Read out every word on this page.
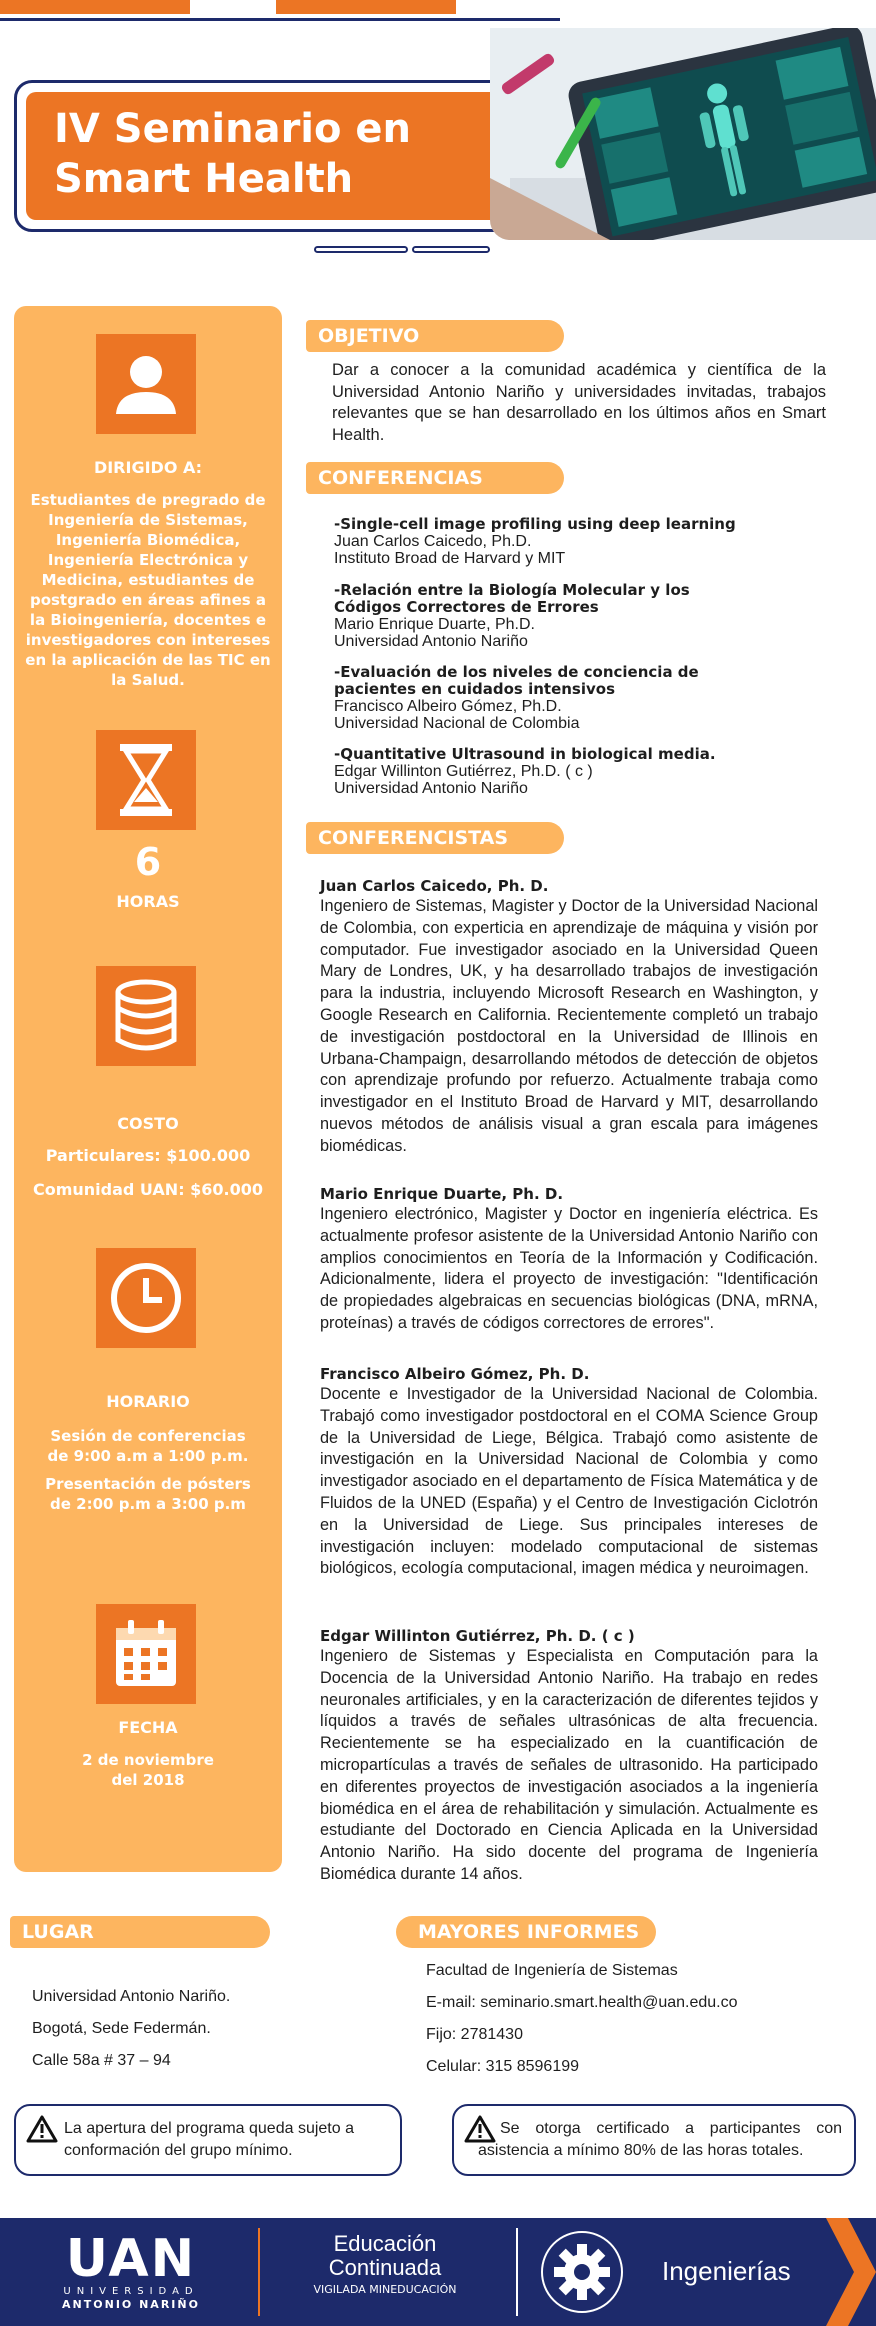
IV Seminario en
Smart Health
DIRIGIDO A:
Estudiantes de pregrado de Ingeniería de Sistemas, Ingeniería Biomédica, Ingeniería Electrónica y Medicina, estudiantes de postgrado en áreas afines a la Bioingeniería, docentes e investigadores con intereses en la aplicación de las TIC en la Salud.
6
HORAS
COSTO
Particulares: $100.000
Comunidad UAN: $60.000
HORARIO
Sesión de conferencias de 9:00 a.m a 1:00 p.m.
Presentación de pósters de 2:00 p.m a 3:00 p.m
FECHA
2 de noviembre del 2018
OBJETIVO
Dar a conocer a la comunidad académica y científica de la Universidad Antonio Nariño y universidades invitadas, trabajos relevantes que se han desarrollado en los últimos años en Smart Health.
CONFERENCIAS
-Single-cell image profiling using deep learning
Juan Carlos Caicedo, Ph.D.
Instituto Broad de Harvard y MIT
-Relación entre la Biología Molecular y los Códigos Correctores de Errores
Mario Enrique Duarte, Ph.D.
Universidad Antonio Nariño
-Evaluación de los niveles de conciencia de pacientes en cuidados intensivos
Francisco Albeiro Gómez, Ph.D.
Universidad Nacional de Colombia
-Quantitative Ultrasound in biological media.
Edgar Willinton Gutiérrez, Ph.D. ( c )
Universidad Antonio Nariño
CONFERENCISTAS
Juan Carlos Caicedo, Ph. D.
Ingeniero de Sistemas, Magister y Doctor de la Universidad Nacional de Colombia, con experticia en aprendizaje de máquina y visión por computador. Fue investigador asociado en la Universidad Queen Mary de Londres, UK, y ha desarrollado trabajos de investigación para la industria, incluyendo Microsoft Research en Washington, y Google Research en California. Recientemente completó un trabajo de investigación postdoctoral en la Universidad de Illinois en Urbana-Champaign, desarrollando métodos de detección de objetos con aprendizaje profundo por refuerzo. Actualmente trabaja como investigador en el Instituto Broad de Harvard y MIT, desarrollando nuevos métodos de análisis visual a gran escala para imágenes biomédicas.
Mario Enrique Duarte, Ph. D.
Ingeniero electrónico, Magister y Doctor en ingeniería eléctrica. Es actualmente profesor asistente de la Universidad Antonio Nariño con amplios conocimientos en Teoría de la Información y Codificación. Adicionalmente, lidera el proyecto de investigación: "Identificación de propiedades algebraicas en secuencias biológicas (DNA, mRNA, proteínas) a través de códigos correctores de errores".
Francisco Albeiro Gómez, Ph. D.
Docente e Investigador de la Universidad Nacional de Colombia. Trabajó como investigador postdoctoral en el COMA Science Group de la Universidad de Liege, Bélgica. Trabajó como asistente de investigación en la Universidad Nacional de Colombia y como investigador asociado en el departamento de Física Matemática y de Fluidos de la UNED (España) y el Centro de Investigación Ciclotrón en la Universidad de Liege. Sus principales intereses de investigación incluyen: modelado computacional de sistemas biológicos, ecología computacional, imagen médica y neuroimagen.
Edgar Willinton Gutiérrez, Ph. D. ( c )
Ingeniero de Sistemas y Especialista en Computación para la Docencia de la Universidad Antonio Nariño. Ha trabajo en redes neuronales artificiales, y en la caracterización de diferentes tejidos y líquidos a través de señales ultrasónicas de alta frecuencia. Recientemente se ha especializado en la cuantificación de micropartículas a través de señales de ultrasonido. Ha participado en diferentes proyectos de investigación asociados a la ingeniería biomédica en el área de rehabilitación y simulación. Actualmente es estudiante del Doctorado en Ciencia Aplicada en la Universidad Antonio Nariño. Ha sido docente del programa de Ingeniería Biomédica durante 14 años.
LUGAR
Universidad Antonio Nariño.
Bogotá, Sede Federmán.
Calle 58a # 37 – 94
MAYORES INFORMES
Facultad de Ingeniería de Sistemas
E-mail: seminario.smart.health@uan.edu.co
Fijo: 2781430
Celular: 315 8596199
La apertura del programa queda sujeto a conformación del grupo mínimo.
Se otorga certificado a participantes con asistencia a mínimo 80% de las horas totales.
UAN
UNIVERSIDAD
ANTONIO NARIÑO
Educación
Continuada
VIGILADA MINEDUCACIÓN
Ingenierías
